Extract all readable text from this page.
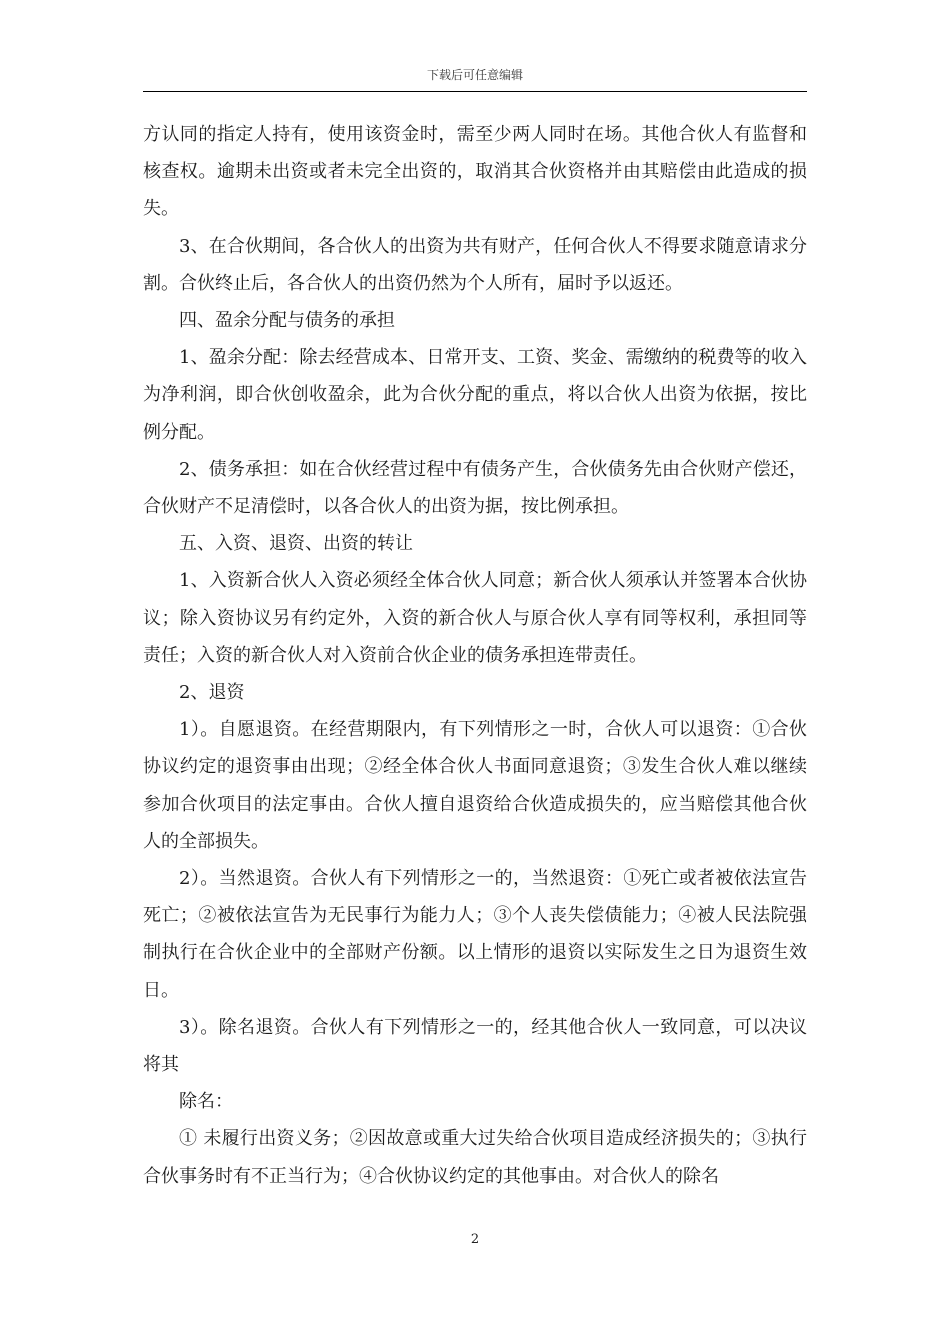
下载后可任意编辑

方认同的指定人持有，使用该资金时，需至少两人同时在场。其他合伙人有监督和核查权。逾期未出资或者未完全出资的，取消其合伙资格并由其赔偿由此造成的损失。

3、在合伙期间，各合伙人的出资为共有财产，任何合伙人不得要求随意请求分割。合伙终止后，各合伙人的出资仍然为个人所有，届时予以返还。

四、盈余分配与债务的承担

1、盈余分配：除去经营成本、日常开支、工资、奖金、需缴纳的税费等的收入为净利润，即合伙创收盈余，此为合伙分配的重点，将以合伙人出资为依据，按比例分配。

2、债务承担：如在合伙经营过程中有债务产生，合伙债务先由合伙财产偿还，合伙财产不足清偿时，以各合伙人的出资为据，按比例承担。

五、入资、退资、出资的转让

1、入资新合伙人入资必须经全体合伙人同意；新合伙人须承认并签署本合伙协议；除入资协议另有约定外，入资的新合伙人与原合伙人享有同等权利，承担同等责任；入资的新合伙人对入资前合伙企业的债务承担连带责任。

2、退资

1）。自愿退资。在经营期限内，有下列情形之一时，合伙人可以退资：①合伙协议约定的退资事由出现；②经全体合伙人书面同意退资；③发生合伙人难以继续参加合伙项目的法定事由。合伙人擅自退资给合伙造成损失的，应当赔偿其他合伙人的全部损失。

2）。当然退资。合伙人有下列情形之一的，当然退资：①死亡或者被依法宣告死亡；②被依法宣告为无民事行为能力人；③个人丧失偿债能力；④被人民法院强制执行在合伙企业中的全部财产份额。以上情形的退资以实际发生之日为退资生效日。

3）。除名退资。合伙人有下列情形之一的，经其他合伙人一致同意，可以决议将其

除名：

① 未履行出资义务；②因故意或重大过失给合伙项目造成经济损失的；③执行合伙事务时有不正当行为；④合伙协议约定的其他事由。对合伙人的除名

2
